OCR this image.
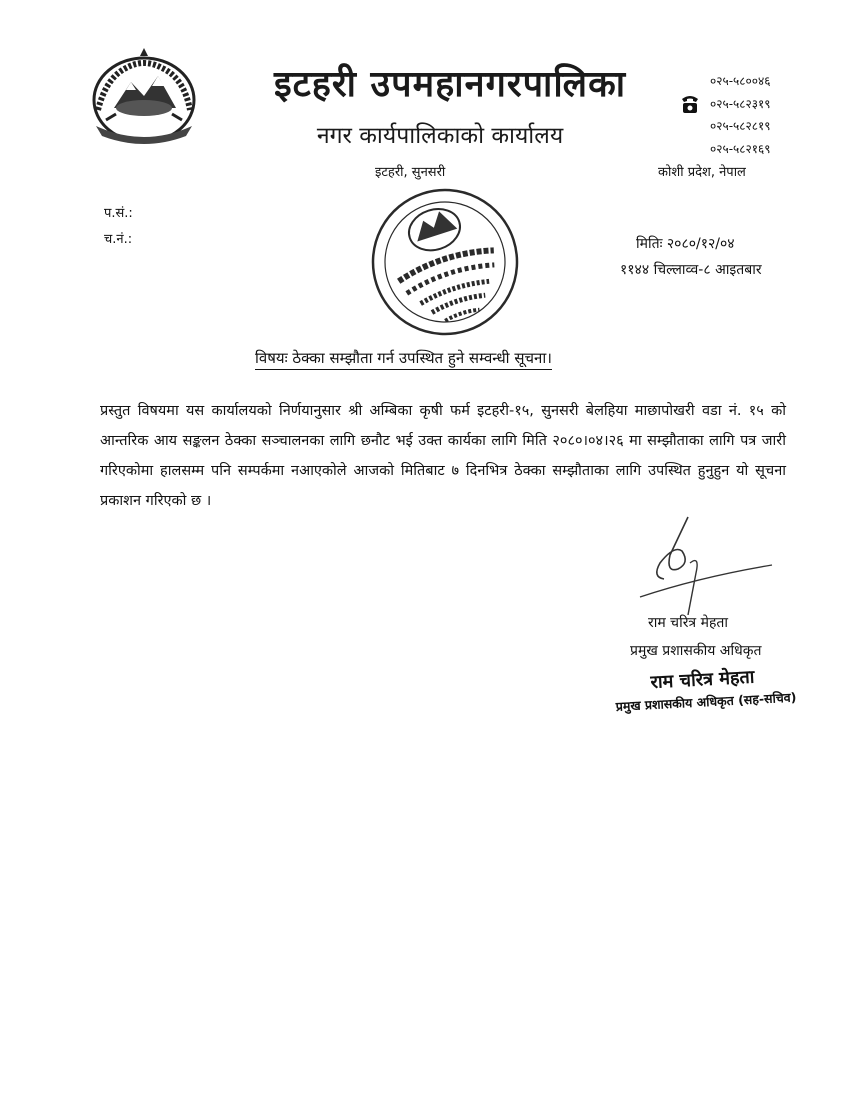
इटहरी उपमहानगरपालिका
नगर कार्यपालिकाको कार्यालय
इटहरी, सुनसरी	कोशी प्रदेश, नेपाल
०२५-५८००४६
०२५-५८२३१९
०२५-५८२८१९
०२५-५८२१६९
प.सं.:
च.नं.:	मितिः २०८०/१२/०४
११४४ चिल्लाव्व-८ आइतबार
विषयः ठेक्का सम्झौता गर्न उपस्थित हुने सम्वन्धी सूचना।
प्रस्तुत विषयमा यस कार्यालयको निर्णयानुसार श्री अम्बिका कृषी फर्म इटहरी-१५, सुनसरी बेलहिया माछापोखरी वडा नं. १५ को आन्तरिक आय सङ्कलन ठेक्का सञ्चालनका लागि छनौट भई उक्त कार्यका लागि मिति २०८०।०४।२६ मा सम्झौताका लागि पत्र जारी गरिएकोमा हालसम्म पनि सम्पर्कमा नआएकोले आजको मितिबाट ७ दिनभित्र ठेक्का सम्झौताका लागि उपस्थित हुनुहुन यो सूचना प्रकाशन गरिएको छ ।
राम चरित्र मेहता
प्रमुख प्रशासकीय अधिकृत
राम चरित्र मेहता
प्रमुख प्रशासकीय अधिकृत (सह-सचिव)
